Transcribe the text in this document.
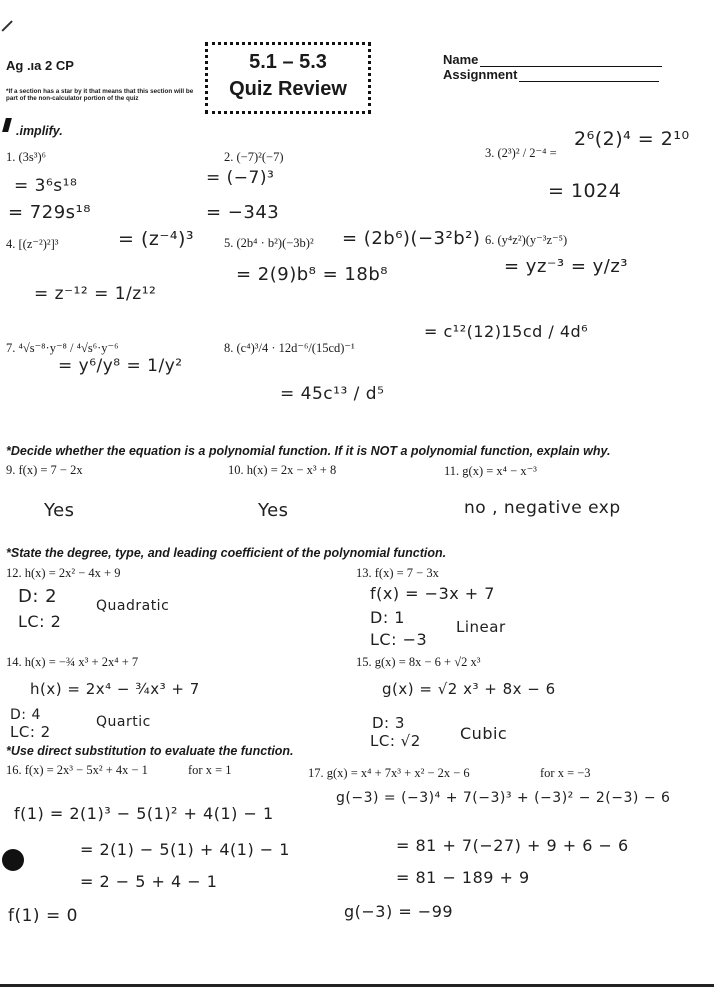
Aɡ .ıa 2 CP
*If a section has a star by it that means that this section will be part of the non-calculator portion of the quiz
5.1 – 5.3
Quiz Review
Name
Assignment
.implify.
1. (3s³)⁶	2. (−7)²(−7)	3. (2³)² / 2⁻⁴ =
2⁶(2)⁴ = 2¹⁰
= 3⁶s¹⁸	= (−7)³
= 1024
= 729s¹⁸	= −343
4. [(z⁻²)²]³	= (z⁻⁴)³ 5. (2b⁴ · b²)(−3b)² = (2b⁶)(−3²b²) 6. (y⁴z²)(y⁻³z⁻⁵)
= 2(9)b⁸ = 18b⁸	= yz⁻³ = y/z³
= z⁻¹² = 1/z¹²
7. ⁴√s⁻⁸·y⁻⁸ / ⁴√s⁶·y⁻⁶
= y⁶/y⁸ = 1/y²
8. (c⁴)³/4 · 12d⁻⁶/(15cd)⁻¹
= c¹²(12)15cd / 4d⁶
= 45c¹³ / d⁵
*Decide whether the equation is a polynomial function. If it is NOT a polynomial function, explain why.
9. f(x) = 7 − 2x	10. h(x) = 2x − x³ + 8	11. g(x) = x⁴ − x⁻³
Yes	Yes	no , negative exp
*State the degree, type, and leading coefficient of the polynomial function.
12. h(x) = 2x² − 4x + 9	13. f(x) = 7 − 3x
f(x) = −3x + 7
D: 2	Quadratic
D: 1
LC: 2	Linear
LC: −3
14. h(x) = −¾ x³ + 2x⁴ + 7	15. g(x) = 8x − 6 + √2 x³
h(x) = 2x⁴ − ¾x³ + 7	g(x) = √2 x³ + 8x − 6
D: 4	Quartic	D: 3
LC: 2	Cubic
LC: √2
*Use direct substitution to evaluate the function.
16. f(x) = 2x³ − 5x² + 4x − 1	for x = 1	17. g(x) = x⁴ + 7x³ + x² − 2x − 6	for x = −3
f(1) = 2(1)³ − 5(1)² + 4(1) − 1
g(−3) = (−3)⁴ + 7(−3)³ + (−3)² − 2(−3) − 6
= 81 + 7(−27) + 9 + 6 − 6
= 2(1) − 5(1) + 4(1) − 1
= 81 − 189 + 9
= 2 − 5 + 4 − 1
g(−3) = −99
f(1) = 0
